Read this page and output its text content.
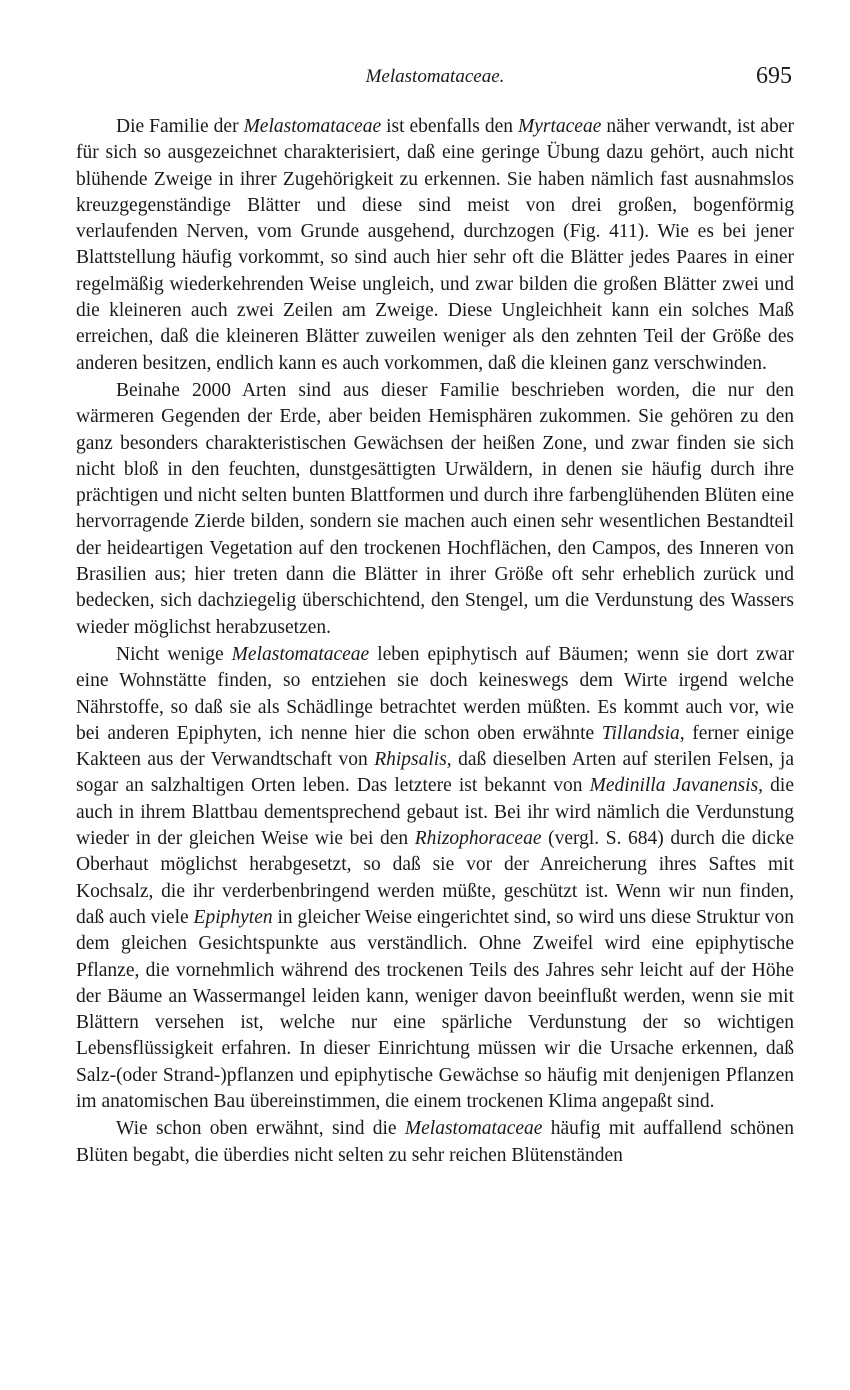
Melastomataceae.	695

Die Familie der Melastomataceae ist ebenfalls den Myrtaceae näher verwandt, ist aber für sich so ausgezeichnet charakterisiert, daß eine geringe Übung dazu gehört, auch nicht blühende Zweige in ihrer Zugehörigkeit zu erkennen. Sie haben nämlich fast ausnahmslos kreuzgegenständige Blätter und diese sind meist von drei großen, bogenförmig verlaufenden Nerven, vom Grunde ausgehend, durchzogen (Fig. 411). Wie es bei jener Blattstellung häufig vorkommt, so sind auch hier sehr oft die Blätter jedes Paares in einer regelmäßig wiederkehrenden Weise ungleich, und zwar bilden die großen Blätter zwei und die kleineren auch zwei Zeilen am Zweige. Diese Ungleichheit kann ein solches Maß erreichen, daß die kleineren Blätter zuweilen weniger als den zehnten Teil der Größe des anderen besitzen, endlich kann es auch vorkommen, daß die kleinen ganz verschwinden.

Beinahe 2000 Arten sind aus dieser Familie beschrieben worden, die nur den wärmeren Gegenden der Erde, aber beiden Hemisphären zukommen. Sie gehören zu den ganz besonders charakteristischen Gewächsen der heißen Zone, und zwar finden sie sich nicht bloß in den feuchten, dunstgesättigten Urwäldern, in denen sie häufig durch ihre prächtigen und nicht selten bunten Blattformen und durch ihre farbenglühenden Blüten eine hervorragende Zierde bilden, sondern sie machen auch einen sehr wesentlichen Bestandteil der heideartigen Vegetation auf den trockenen Hochflächen, den Campos, des Inneren von Brasilien aus; hier treten dann die Blätter in ihrer Größe oft sehr erheblich zurück und bedecken, sich dachziegelig überschichtend, den Stengel, um die Verdunstung des Wassers wieder möglichst herabzusetzen.

Nicht wenige Melastomataceae leben epiphytisch auf Bäumen; wenn sie dort zwar eine Wohnstätte finden, so entziehen sie doch keineswegs dem Wirte irgend welche Nährstoffe, so daß sie als Schädlinge betrachtet werden müßten. Es kommt auch vor, wie bei anderen Epiphyten, ich nenne hier die schon oben erwähnte Tillandsia, ferner einige Kakteen aus der Verwandtschaft von Rhipsalis, daß dieselben Arten auf sterilen Felsen, ja sogar an salzhaltigen Orten leben. Das letztere ist bekannt von Medinilla Javanensis, die auch in ihrem Blattbau dementsprechend gebaut ist. Bei ihr wird nämlich die Verdunstung wieder in der gleichen Weise wie bei den Rhizophoraceae (vergl. S. 684) durch die dicke Oberhaut möglichst herabgesetzt, so daß sie vor der Anreicherung ihres Saftes mit Kochsalz, die ihr verderbenbringend werden müßte, geschützt ist. Wenn wir nun finden, daß auch viele Epiphyten in gleicher Weise eingerichtet sind, so wird uns diese Struktur von dem gleichen Gesichtspunkte aus verständlich. Ohne Zweifel wird eine epiphytische Pflanze, die vornehmlich während des trockenen Teils des Jahres sehr leicht auf der Höhe der Bäume an Wassermangel leiden kann, weniger davon beeinflußt werden, wenn sie mit Blättern versehen ist, welche nur eine spärliche Verdunstung der so wichtigen Lebensflüssigkeit erfahren. In dieser Einrichtung müssen wir die Ursache erkennen, daß Salz-(oder Strand-)pflanzen und epiphytische Gewächse so häufig mit denjenigen Pflanzen im anatomischen Bau übereinstimmen, die einem trockenen Klima angepaßt sind.

Wie schon oben erwähnt, sind die Melastomataceae häufig mit auffallend schönen Blüten begabt, die überdies nicht selten zu sehr reichen Blütenständen
